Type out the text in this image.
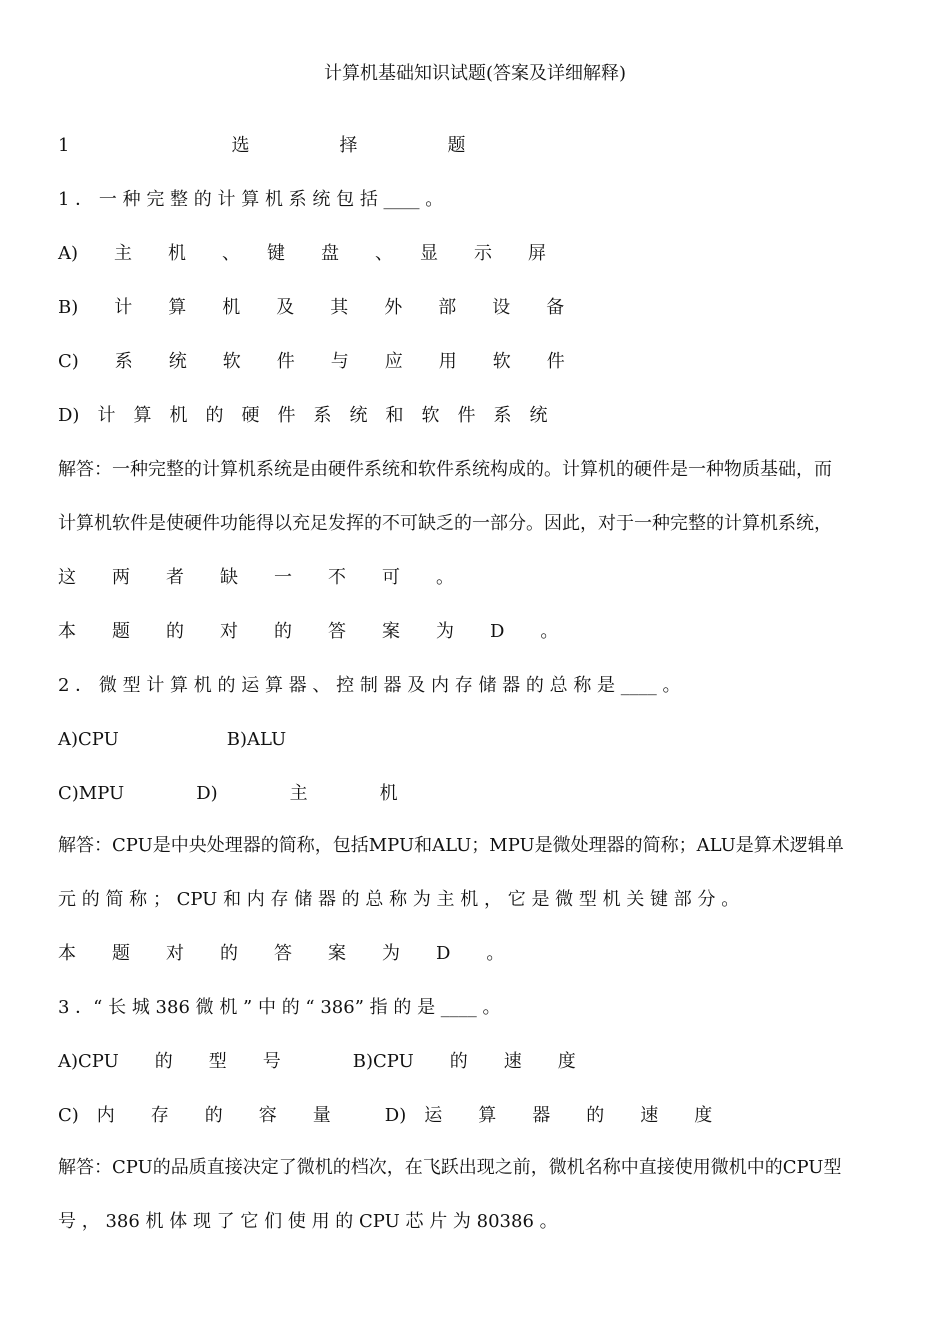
计算机基础知识试题(答案及详细解释)
1　　　　　　　　　选　　　　　择　　　　　题
1 ． 一 种 完 整 的 计 算 机 系 统 包 括 ____ 。
A)　　主　　机　　、　　键　　盘　　、　　显　　示　　屏
B)　　计　　算　　机　　及　　其　　外　　部　　设　　备
C)　　系　　统　　软　　件　　与　　应　　用　　软　　件
D)　计　算　机　的　硬　件　系　统　和　软　件　系　统
解答：一种完整的计算机系统是由硬件系统和软件系统构成的。计算机的硬件是一种物质基础，而
计算机软件是使硬件功能得以充足发挥的不可缺乏的一部分。因此，对于一种完整的计算机系统，
这　　两　　者　　缺　　一　　不　　可　　。
本　　题　　的　　对　　的　　答　　案　　为　　D　　。
2 ． 微 型 计 算 机 的 运 算 器 、 控 制 器 及 内 存 储 器 的 总 称 是 ____ 。
A)CPU　　　　　　B)ALU
C)MPU　　　　D)　　　　主　　　　机
解答：CPU是中央处理器的简称，包括MPU和ALU；MPU是微处理器的简称；ALU是算术逻辑单
元 的 简 称 ； CPU 和 内 存 储 器 的 总 称 为 主 机 ， 它 是 微 型 机 关 键 部 分 。
本　　题　　对　　的　　答　　案　　为　　D　　。
3 ．“ 长 城 386 微 机 ” 中 的 “ 386” 指 的 是 ____ 。
A)CPU　　的　　型　　号　　　　B)CPU　　的　　速　　度
C)　内　　存　　的　　容　　量　　　D)　运　　算　　器　　的　　速　　度
解答：CPU的品质直接决定了微机的档次，在飞跃出现之前，微机名称中直接使用微机中的CPU型
号 ， 386 机 体 现 了 它 们 使 用 的 CPU 芯 片 为 80386 。
